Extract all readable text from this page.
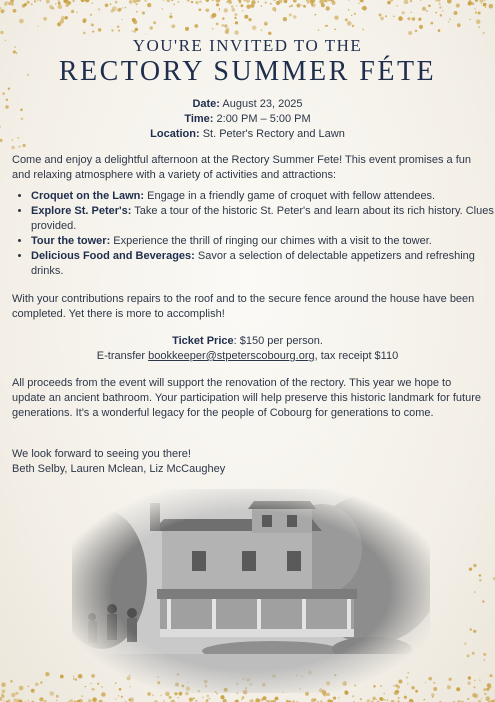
YOU'RE INVITED TO THE
RECTORY SUMMER FÉTE
Date: August 23, 2025
Time: 2:00 PM – 5:00 PM
Location: St. Peter's Rectory and Lawn
Come and enjoy a delightful afternoon at the Rectory Summer Fete! This event promises a fun and relaxing atmosphere with a variety of activities and attractions:
• Croquet on the Lawn: Engage in a friendly game of croquet with fellow attendees.
• Explore St. Peter's: Take a tour of the historic St. Peter's and learn about its rich history. Clues provided.
• Tour the tower: Experience the thrill of ringing our chimes with a visit to the tower.
• Delicious Food and Beverages: Savor a selection of delectable appetizers and refreshing drinks.
With your contributions repairs to the roof and to the secure fence around the house have been completed. Yet there is more to accomplish!
Ticket Price: $150 per person.
E-transfer bookkeeper@stpeterscobourg.org, tax receipt $110
All proceeds from the event will support the renovation of the rectory. This year we hope to update an ancient bathroom. Your participation will help preserve this historic landmark for future generations. It's a wonderful legacy for the people of Cobourg for generations to come.
We look forward to seeing you there!
Beth Selby, Lauren Mclean, Liz McCaughey
